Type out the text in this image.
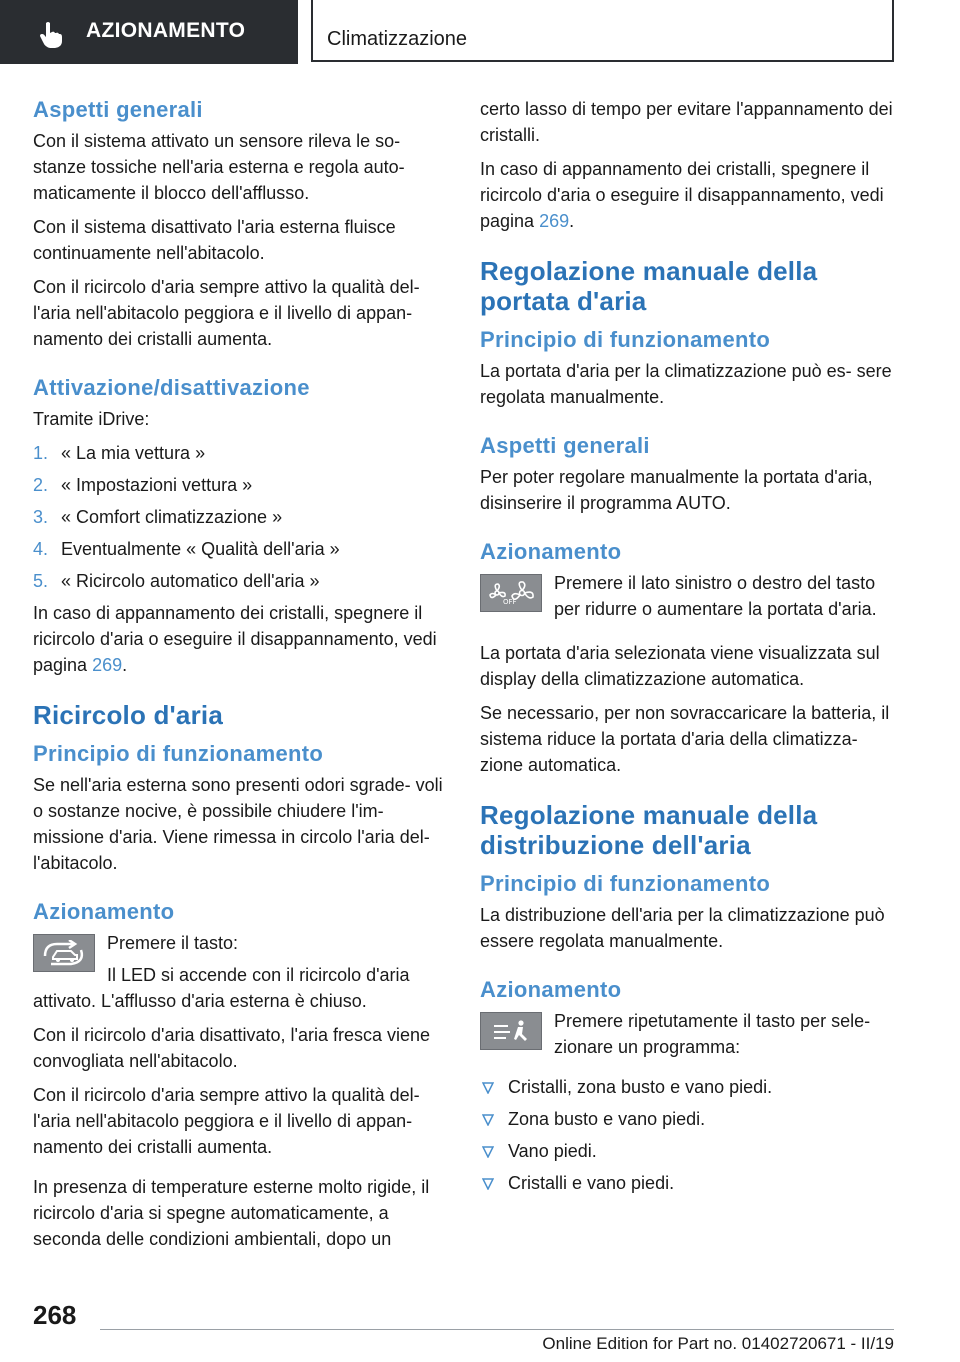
AZIONAMENTO	Climatizzazione
Aspetti generali

Con il sistema attivato un sensore rileva le so- stanze tossiche nell'aria esterna e regola auto- maticamente il blocco dell'afflusso.

Con il sistema disattivato l'aria esterna fluisce continuamente nell'abitacolo.

Con il ricircolo d'aria sempre attivo la qualità del- l'aria nell'abitacolo peggiora e il livello di appan- namento dei cristalli aumenta.

Attivazione/disattivazione

Tramite iDrive:

1. « La mia vettura »
2. « Impostazioni vettura »
3. « Comfort climatizzazione »
4. Eventualmente « Qualità dell'aria »
5. « Ricircolo automatico dell'aria »

In caso di appannamento dei cristalli, spegnere il ricircolo d'aria o eseguire il disappannamento, vedi pagina 269.

Ricircolo d'aria
Principio di funzionamento

Se nell'aria esterna sono presenti odori sgrade- voli o sostanze nocive, è possibile chiudere l'im- missione d'aria. Viene rimessa in circolo l'aria del- l'abitacolo.

Azionamento

Premere il tasto:

Il LED si accende con il ricircolo d'aria

attivato. L'afflusso d'aria esterna è chiuso.

Con il ricircolo d'aria disattivato, l'aria fresca viene convogliata nell'abitacolo.

Con il ricircolo d'aria sempre attivo la qualità del- l'aria nell'abitacolo peggiora e il livello di appan- namento dei cristalli aumenta.

In presenza di temperature esterne molto rigide, il ricircolo d'aria si spegne automaticamente, a seconda delle condizioni ambientali, dopo un

certo lasso di tempo per evitare l'appannamento dei cristalli.

In caso di appannamento dei cristalli, spegnere il ricircolo d'aria o eseguire il disappannamento, vedi pagina 269.

Regolazione manuale della portata d'aria
Principio di funzionamento

La portata d'aria per la climatizzazione può es- sere regolata manualmente.

Aspetti generali

Per poter regolare manualmente la portata d'aria, disinserire il programma AUTO.

Azionamento
OFF

Premere il lato sinistro o destro del tasto per ridurre o aumentare la portata d'aria.

La portata d'aria selezionata viene visualizzata sul display della climatizzazione automatica.

Se necessario, per non sovraccaricare la batteria, il sistema riduce la portata d'aria della climatizza- zione automatica.

Regolazione manuale della distribuzione dell'aria
Principio di funzionamento

La distribuzione dell'aria per la climatizzazione può essere regolata manualmente.

Azionamento

Premere ripetutamente il tasto per sele- zionare un programma:

Cristalli, zona busto e vano piedi.
Zona busto e vano piedi.
Vano piedi.
Cristalli e vano piedi.
268
Online Edition for Part no. 01402720671 - II/19
